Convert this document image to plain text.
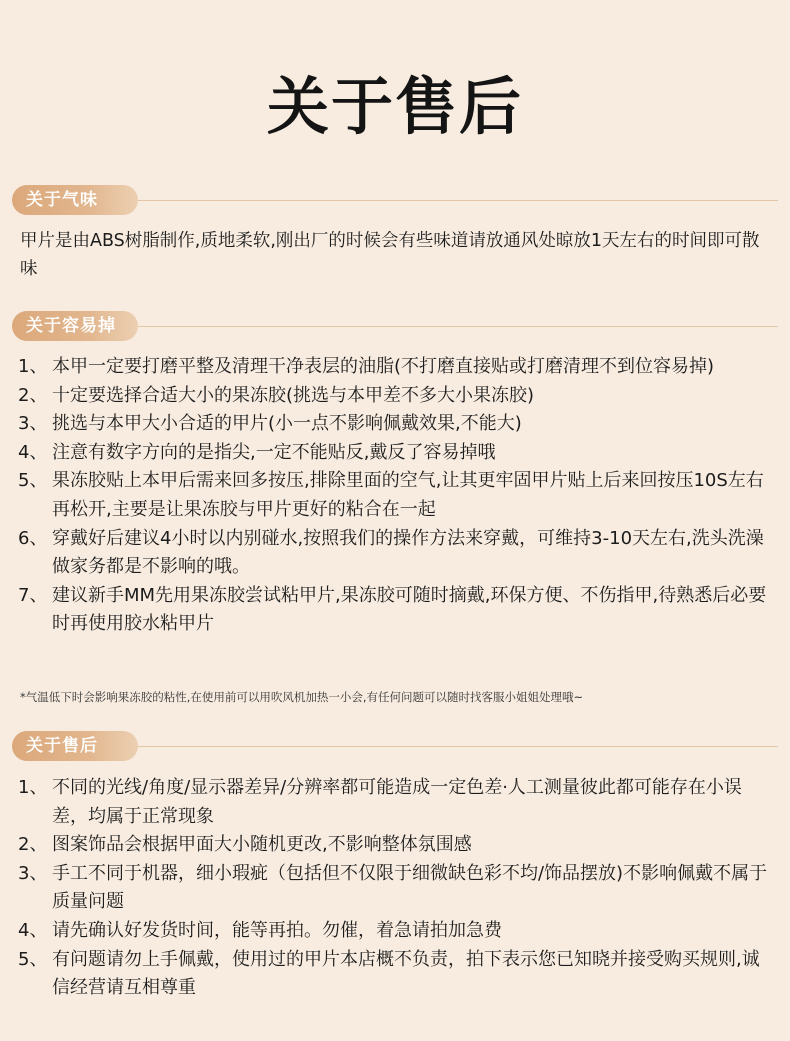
关于售后
关于气味
甲片是由ABS树脂制作,质地柔软,刚出厂的时候会有些味道请放通风处晾放1天左右的时间即可散味
关于容易掉
1、 本甲一定要打磨平整及清理干净表层的油脂(不打磨直接贴或打磨清理不到位容易掉)
2、 十定要选择合适大小的果冻胶(挑选与本甲差不多大小果冻胶)
3、 挑选与本甲大小合适的甲片(小一点不影响佩戴效果,不能大)
4、 注意有数字方向的是指尖,一定不能贴反,戴反了容易掉哦
5、 果冻胶贴上本甲后需来回多按压,排除里面的空气,让其更牢固甲片贴上后来回按压10S左右再松开,主要是让果冻胶与甲片更好的粘合在一起
6、 穿戴好后建议4小时以内别碰水,按照我们的操作方法来穿戴，可维持3-10天左右,洗头洗澡做家务都是不影响的哦。
7、 建议新手MM先用果冻胶尝试粘甲片,果冻胶可随时摘戴,环保方便、不伤指甲,待熟悉后必要时再使用胶水粘甲片
*气温低下时会影响果冻胶的粘性,在使用前可以用吹风机加热一小会,有任何问题可以随时找客服小姐姐处理哦~
关于售后
1、 不同的光线/角度/显示器差异/分辨率都可能造成一定色差·人工测量彼此都可能存在小误差，均属于正常现象
2、 图案饰品会根据甲面大小随机更改,不影响整体氛围感
3、 手工不同于机器，细小瑕疵（包括但不仅限于细微缺色彩不均/饰品摆放)不影响佩戴不属于质量问题
4、 请先确认好发货时间，能等再拍。勿催，着急请拍加急费
5、 有问题请勿上手佩戴，使用过的甲片本店概不负责，拍下表示您已知晓并接受购买规则,诚信经营请互相尊重
